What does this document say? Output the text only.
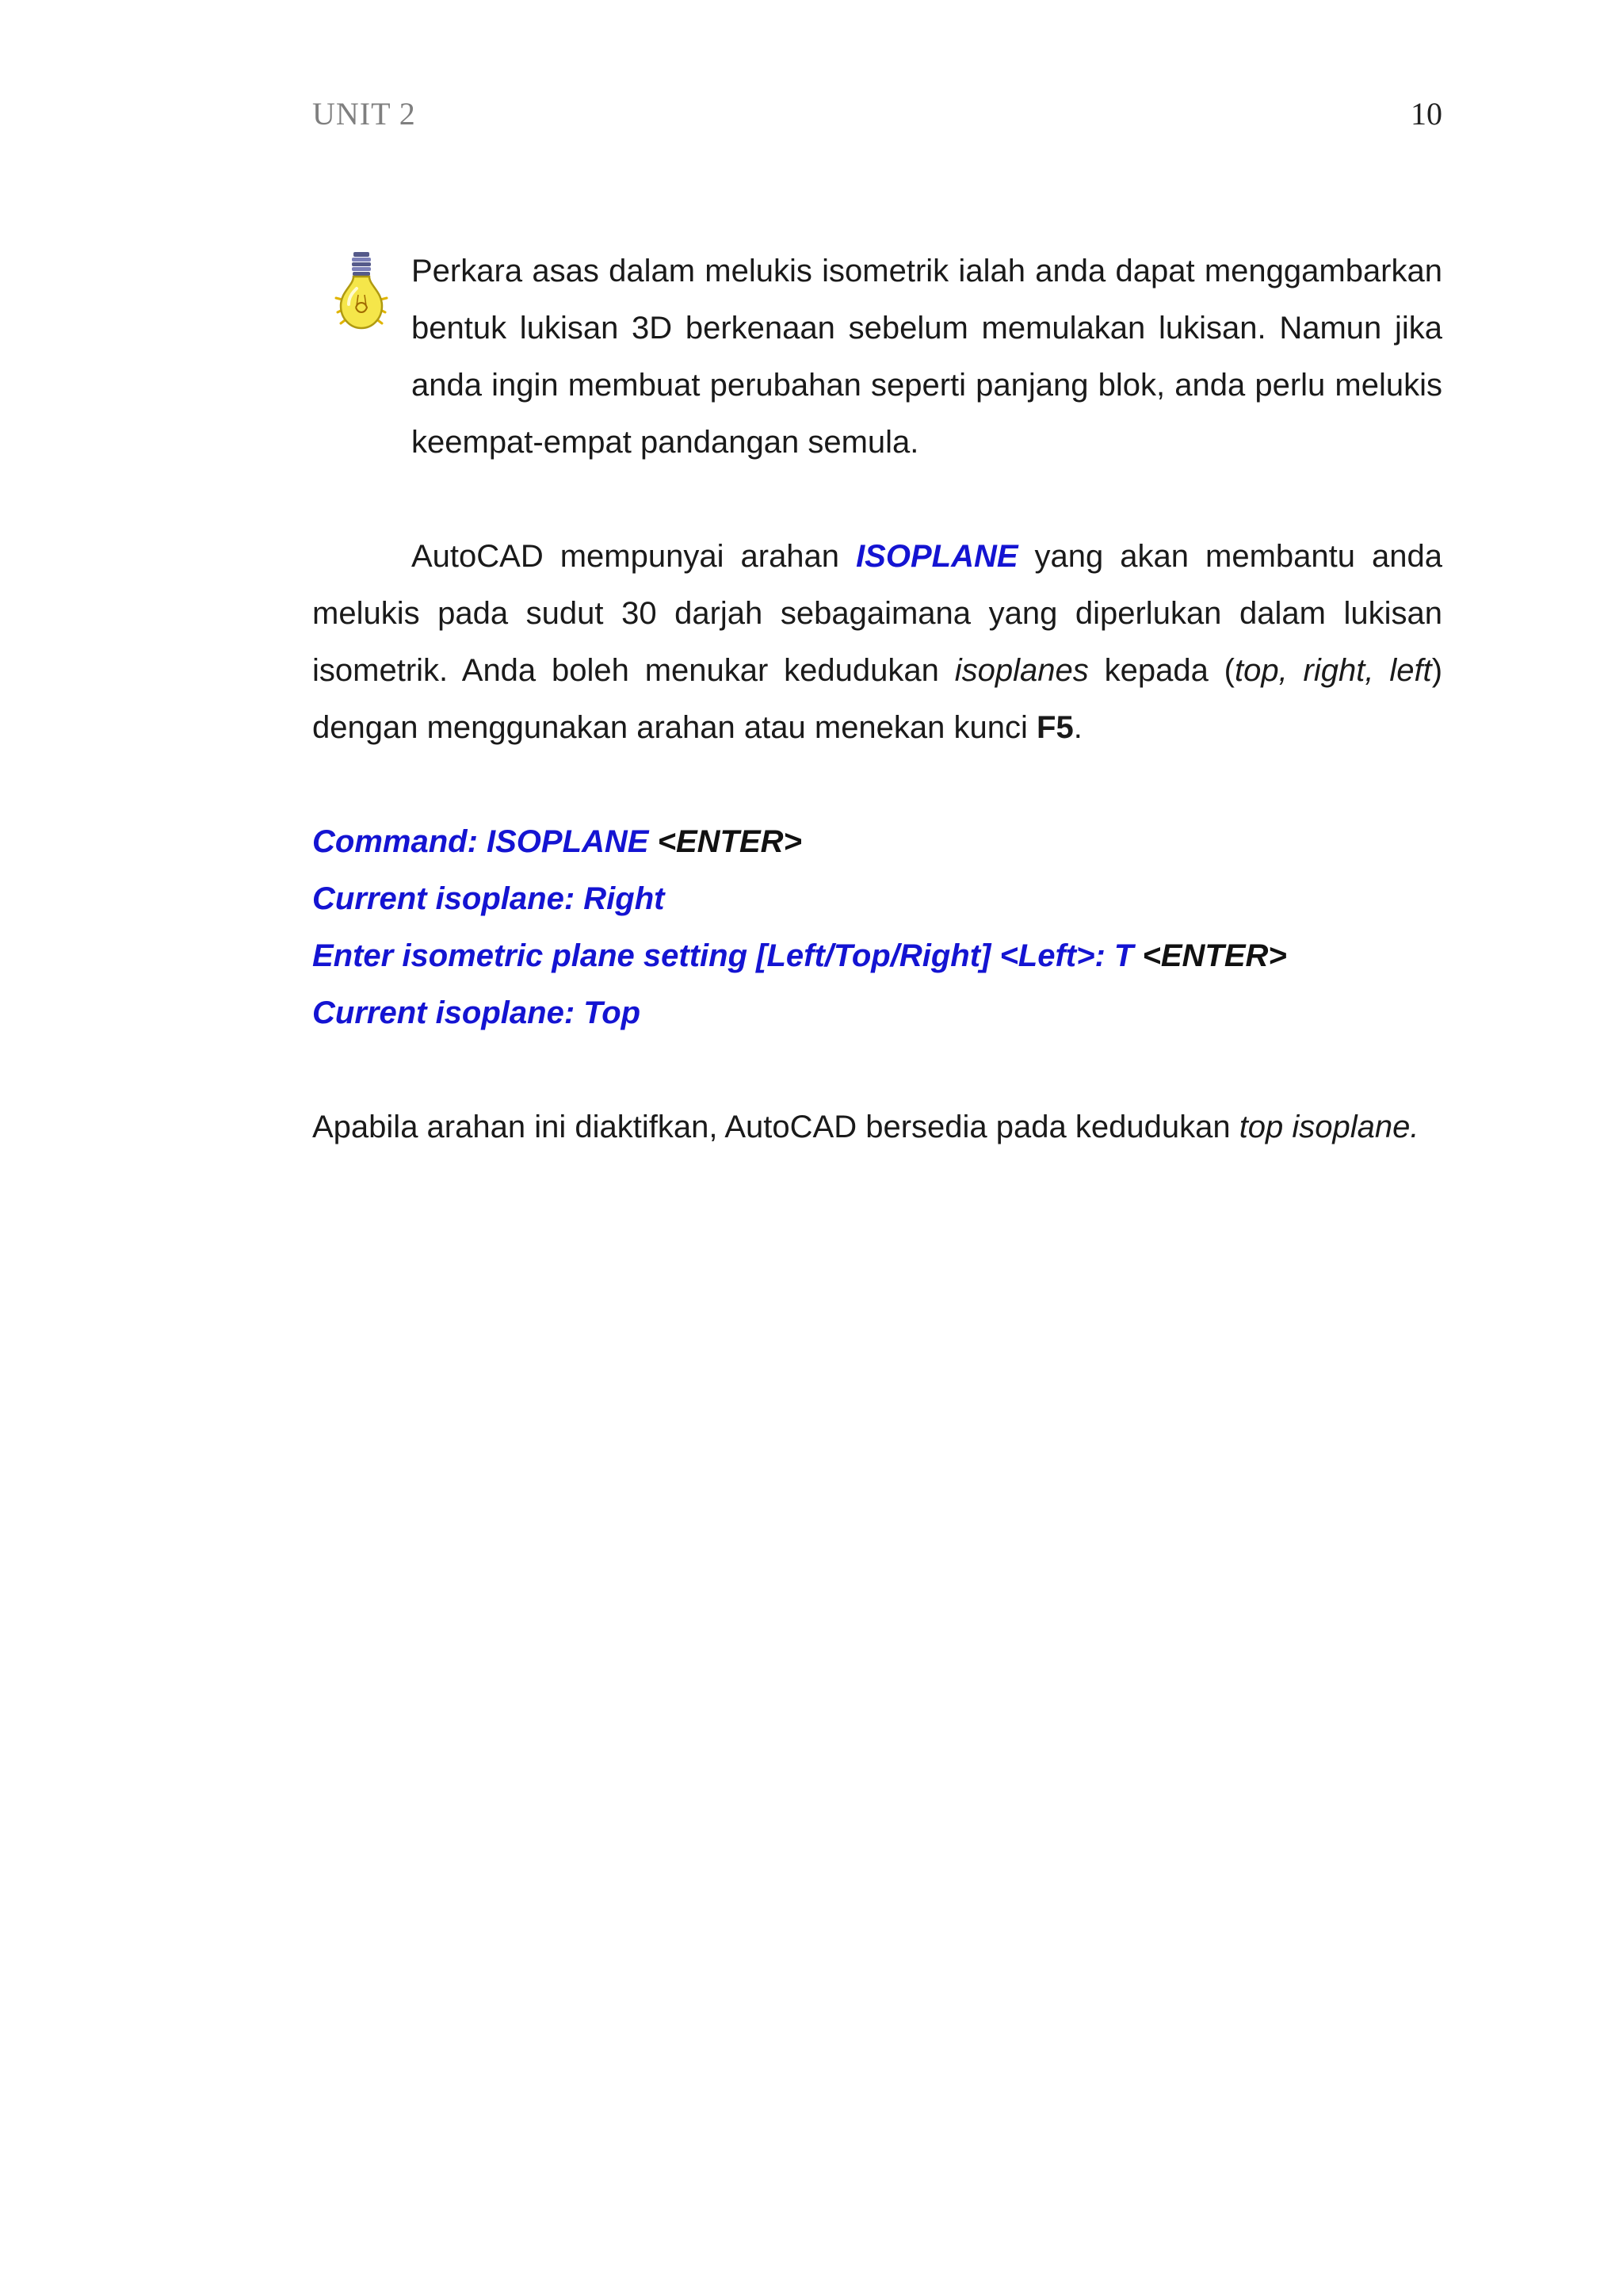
UNIT 2	10

Perkara asas dalam melukis isometrik ialah anda dapat menggambarkan bentuk lukisan 3D berkenaan sebelum memulakan lukisan. Namun jika anda ingin membuat perubahan seperti panjang blok, anda perlu melukis keempat-empat pandangan semula.

AutoCAD mempunyai arahan ISOPLANE yang akan membantu anda melukis pada sudut 30 darjah sebagaimana yang diperlukan dalam lukisan isometrik. Anda boleh menukar kedudukan isoplanes kepada (top, right, left) dengan menggunakan arahan atau menekan kunci F5.

Command: ISOPLANE <ENTER>
Current isoplane: Right
Enter isometric plane setting [Left/Top/Right] <Left>: T <ENTER>
Current isoplane: Top

Apabila arahan ini diaktifkan, AutoCAD bersedia pada kedudukan top isoplane.
